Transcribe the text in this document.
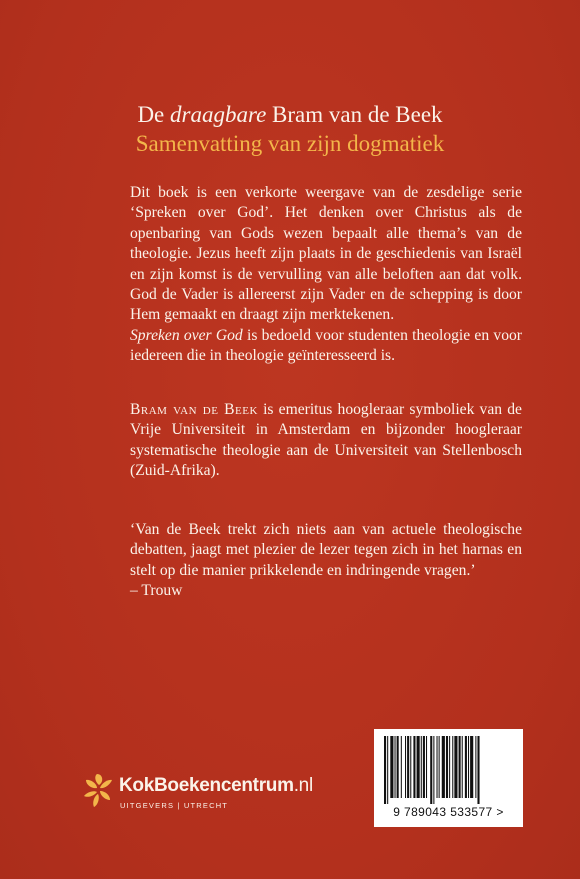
De draagbare Bram van de Beek
Samenvatting van zijn dogmatiek

Dit boek is een verkorte weergave van de zesdelige serie ‘Spreken over God’. Het denken over Christus als de openbaring van Gods wezen bepaalt alle thema’s van de theologie. Jezus heeft zijn plaats in de geschiedenis van Israël en zijn komst is de vervulling van alle beloften aan dat volk. God de Vader is allereerst zijn Vader en de schepping is door Hem gemaakt en draagt zijn merktekenen.
Spreken over God is bedoeld voor studenten theologie en voor iedereen die in theologie geïnteresseerd is.

Bram van de Beek is emeritus hoogleraar symboliek van de Vrije Universiteit in Amsterdam en bijzonder hoogleraar systematische theologie aan de Universiteit van Stellenbosch (Zuid-Afrika).

‘Van de Beek trekt zich niets aan van actuele theologische debatten, jaagt met plezier de lezer tegen zich in het harnas en stelt op die manier prikkelende en indringende vragen.’
– Trouw

KokBoekencentrum.nl
UITGEVERS | UTRECHT	9 789043 533577 >
